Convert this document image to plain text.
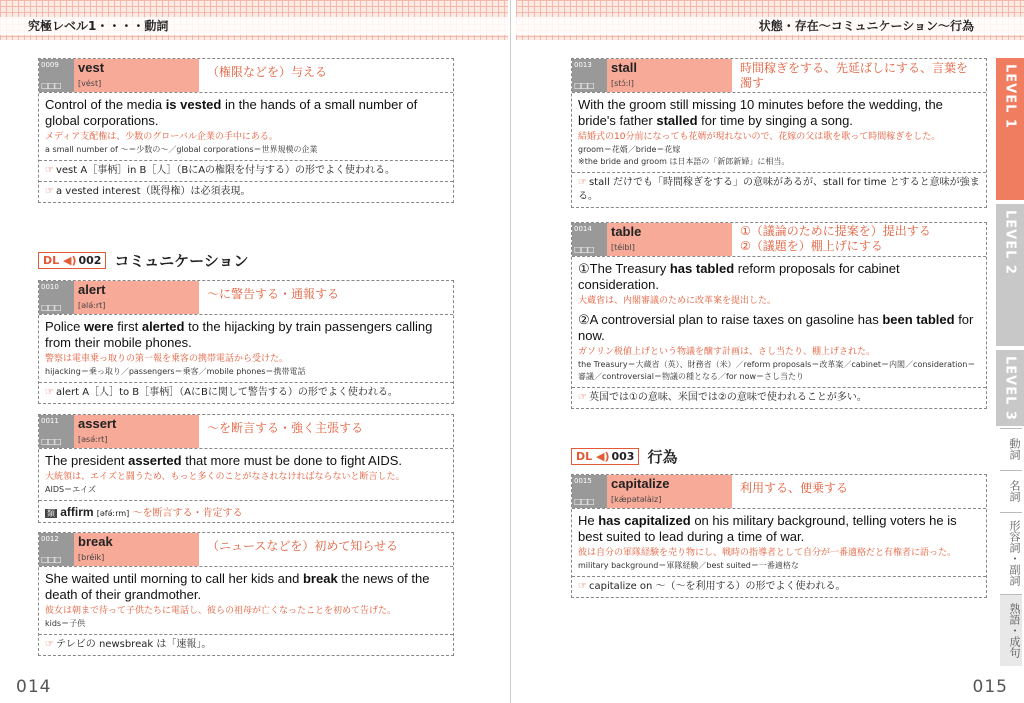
究極レベル1・・・・動詞	状態・存在〜コミュニケーション〜行為
0009
□□□
vest
[vést]
（権限などを）与える
Control of the media is vested in the hands of a small number of global corporations.
メディア支配権は、少数のグローバル企業の手中にある。
a small number of 〜＝少数の〜／global corporations＝世界規模の企業
☞ vest A［事柄］in B［人］（BにAの権限を付与する）の形でよく使われる。
☞ a vested interest（既得権）は必須表現。
DL ◀) 002 コミュニケーション
0010
□□□
alert
[əlә́ːrt]
〜に警告する・通報する
Police were first alerted to the hijacking by train passengers calling from their mobile phones.
警察は電車乗っ取りの第一報を乗客の携帯電話から受けた。
hijacking＝乗っ取り／passengers＝乗客／mobile phones＝携帯電話
☞ alert A［人］to B［事柄］（AにBに関して警告する）の形でよく使われる。
0011
□□□
assert
[əsә́ːrt]
〜を断言する・強く主張する
The president asserted that more must be done to fight AIDS.
大統領は、エイズと闘うため、もっと多くのことがなされなければならないと断言した。
AIDS＝エイズ
類 affirm [əfә́ːrm] 〜を断言する・肯定する
0012
□□□
break
[bréik]
（ニュースなどを）初めて知らせる
She waited until morning to call her kids and break the news of the death of their grandmother.
彼女は朝まで待って子供たちに電話し、彼らの祖母が亡くなったことを初めて告げた。
kids＝子供
☞ テレビの newsbreak は「速報」。
014
0013
□□□
stall
[stɔ́ːl]
時間稼ぎをする、先延ばしにする、言葉を濁す
With the groom still missing 10 minutes before the wedding, the bride's father stalled for time by singing a song.
結婚式の10分前になっても花婿が現れないので、花嫁の父は歌を歌って時間稼ぎをした。
groom＝花婿／bride＝花嫁
※the bride and groom は日本語の「新郎新婦」に相当。
☞ stall だけでも「時間稼ぎをする」の意味があるが、stall for time とすると意味が強まる。
0014
□□□
table
[téibl]
①（議論のために提案を）提出する
②（議題を）棚上げにする
①The Treasury has tabled reform proposals for cabinet consideration.
大蔵省は、内閣審議のために改革案を提出した。
②A controversial plan to raise taxes on gasoline has been tabled for now.
ガソリン税値上げという物議を醸す計画は、さし当たり、棚上げされた。
the Treasury＝大蔵省（英）、財務省（米）／reform proposals＝改革案／cabinet＝内閣／consideration＝審議／controversial＝物議の種となる／for now＝さし当たり
☞ 英国では①の意味、米国では②の意味で使われることが多い。
DL ◀) 003 行為
0015
□□□
capitalize
[kǽpətəlàiz]
利用する、便乗する
He has capitalized on his military background, telling voters he is best suited to lead during a time of war.
彼は自分の軍隊経験を売り物にし、戦時の指導者として自分が一番適格だと有権者に語った。
military background＝軍隊経験／best suited＝一番適格な
☞ capitalize on 〜（〜を利用する）の形でよく使われる。
LEVEL 1
LEVEL 2
LEVEL 3
動詞
名詞
形容詞・副詞
熟語・成句
015
